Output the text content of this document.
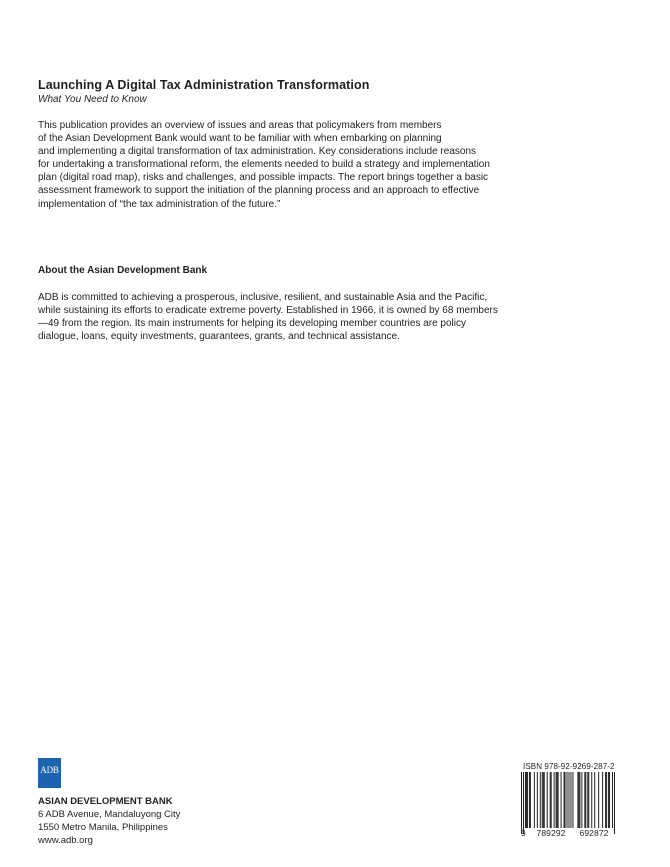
Launching A Digital Tax Administration Transformation
What You Need to Know
This publication provides an overview of issues and areas that policymakers from members
of the Asian Development Bank would want to be familiar with when embarking on planning
and implementing a digital transformation of tax administration. Key considerations include reasons
for undertaking a transformational reform, the elements needed to build a strategy and implementation
plan (digital road map), risks and challenges, and possible impacts. The report brings together a basic
assessment framework to support the initiation of the planning process and an approach to effective
implementation of “the tax administration of the future.”
About the Asian Development Bank
ADB is committed to achieving a prosperous, inclusive, resilient, and sustainable Asia and the Pacific,
while sustaining its efforts to eradicate extreme poverty. Established in 1966, it is owned by 68 members
—49 from the region. Its main instruments for helping its developing member countries are policy
dialogue, loans, equity investments, guarantees, grants, and technical assistance.
ADB
ASIAN DEVELOPMENT BANK
6 ADB Avenue, Mandaluyong City
1550 Metro Manila, Philippines
www.adb.org
ISBN 978-92-9269-287-2
9	789292	692872
